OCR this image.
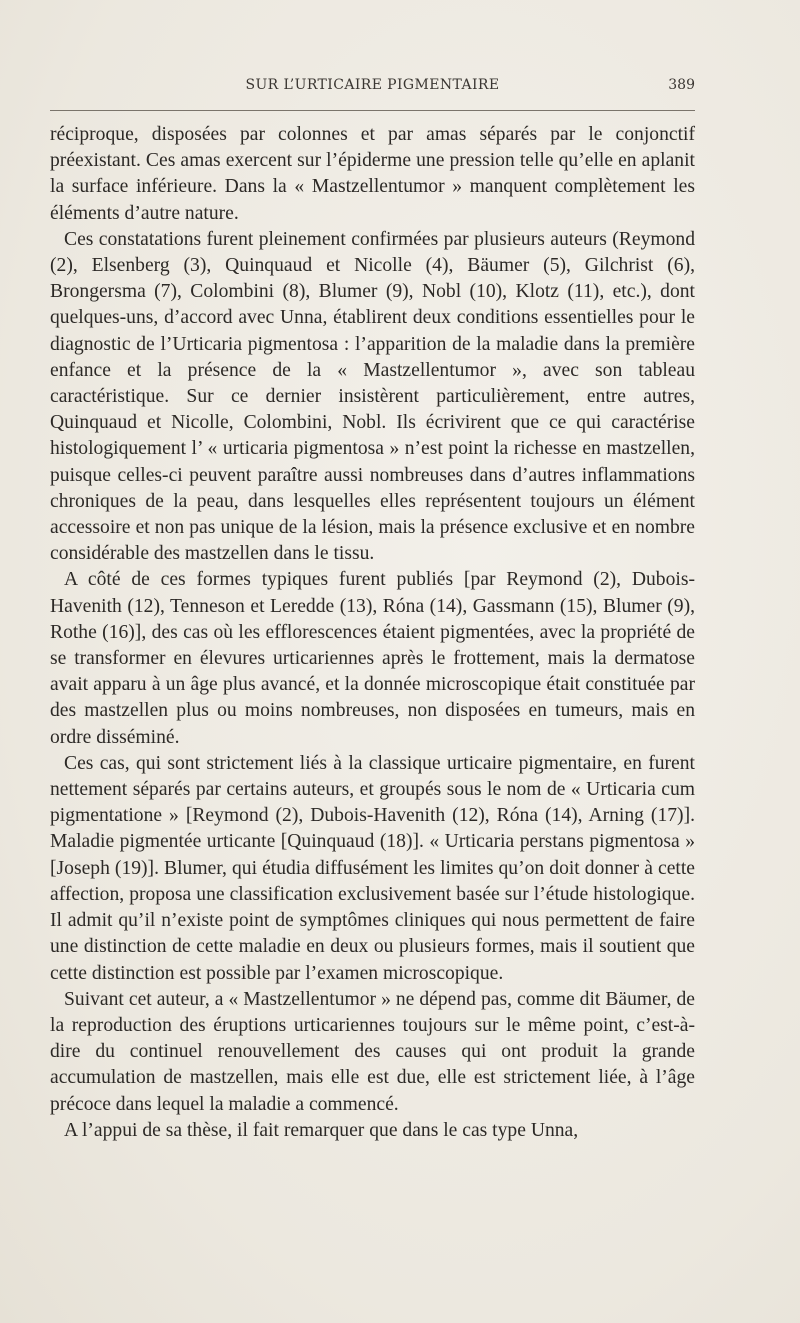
SUR L’URTICAIRE PIGMENTAIRE	389

réciproque, disposées par colonnes et par amas séparés par le conjonctif préexistant. Ces amas exercent sur l’épiderme une pression telle qu’elle en aplanit la surface inférieure. Dans la « Mastzellentumor » manquent complètement les éléments d’autre nature.

Ces constatations furent pleinement confirmées par plusieurs auteurs (Reymond (2), Elsenberg (3), Quinquaud et Nicolle (4), Bäumer (5), Gilchrist (6), Brongersma (7), Colombini (8), Blumer (9), Nobl (10), Klotz (11), etc.), dont quelques-uns, d’accord avec Unna, établirent deux conditions essentielles pour le diagnostic de l’Urticaria pigmentosa : l’apparition de la maladie dans la première enfance et la présence de la « Mastzellentumor », avec son tableau caractéristique. Sur ce dernier insistèrent particulièrement, entre autres, Quinquaud et Nicolle, Colombini, Nobl. Ils écrivirent que ce qui caractérise histologiquement l’ « urticaria pigmentosa » n’est point la richesse en mastzellen, puisque celles-ci peuvent paraître aussi nombreuses dans d’autres inflammations chroniques de la peau, dans lesquelles elles représentent toujours un élément accessoire et non pas unique de la lésion, mais la présence exclusive et en nombre considérable des mastzellen dans le tissu.

A côté de ces formes typiques furent publiés [par Reymond (2), Dubois-Havenith (12), Tenneson et Leredde (13), Róna (14), Gassmann (15), Blumer (9), Rothe (16)], des cas où les efflorescences étaient pigmentées, avec la propriété de se transformer en élevures urticariennes après le frottement, mais la dermatose avait apparu à un âge plus avancé, et la donnée microscopique était constituée par des mastzellen plus ou moins nombreuses, non disposées en tumeurs, mais en ordre disséminé.

Ces cas, qui sont strictement liés à la classique urticaire pigmentaire, en furent nettement séparés par certains auteurs, et groupés sous le nom de « Urticaria cum pigmentatione » [Reymond (2), Dubois-Havenith (12), Róna (14), Arning (17)]. Maladie pigmentée urticante [Quinquaud (18)]. « Urticaria perstans pigmentosa » [Joseph (19)]. Blumer, qui étudia diffusément les limites qu’on doit donner à cette affection, proposa une classification exclusivement basée sur l’étude histologique. Il admit qu’il n’existe point de symptômes cliniques qui nous permettent de faire une distinction de cette maladie en deux ou plusieurs formes, mais il soutient que cette distinction est possible par l’examen microscopique.

Suivant cet auteur, a « Mastzellentumor » ne dépend pas, comme dit Bäumer, de la reproduction des éruptions urticariennes toujours sur le même point, c’est-à-dire du continuel renouvellement des causes qui ont produit la grande accumulation de mastzellen, mais elle est due, elle est strictement liée, à l’âge précoce dans lequel la maladie a commencé.

A l’appui de sa thèse, il fait remarquer que dans le cas type Unna,
